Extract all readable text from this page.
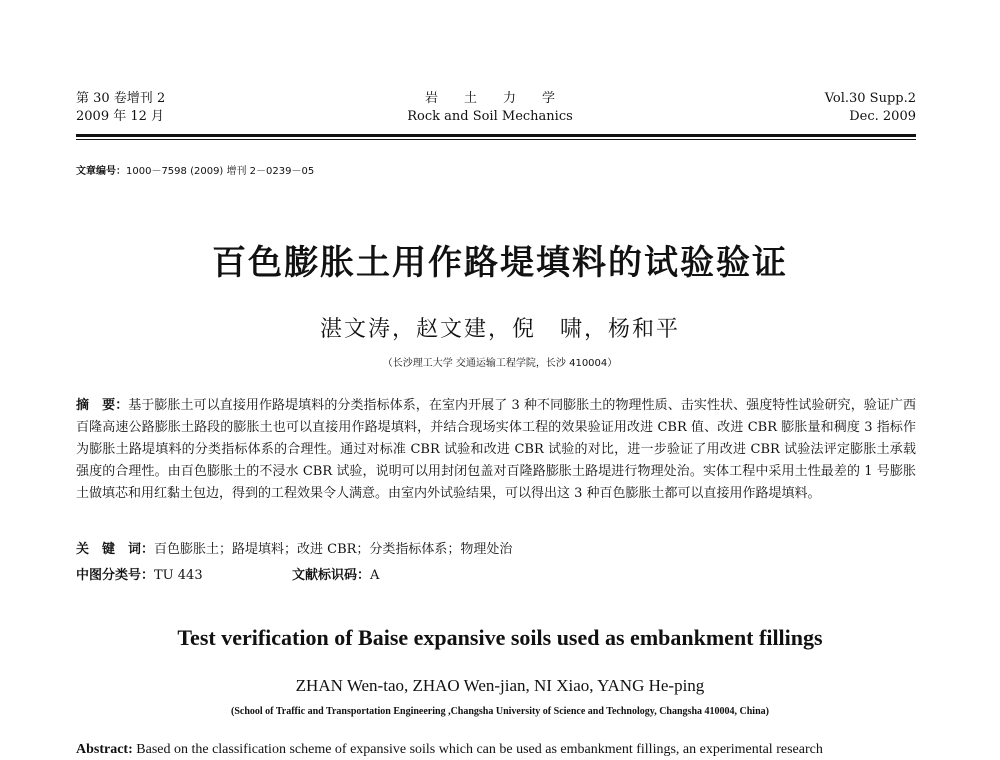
第 30 卷增刊 2
2009 年 12 月
岩土力学
Rock and Soil Mechanics
Vol.30 Supp.2
Dec. 2009
文章编号：1000－7598 (2009) 增刊 2－0239－05
百色膨胀土用作路堤填料的试验验证
湛文涛，赵文建，倪　啸，杨和平
（长沙理工大学 交通运输工程学院，长沙 410004）
摘　要：基于膨胀土可以直接用作路堤填料的分类指标体系，在室内开展了 3 种不同膨胀土的物理性质、击实性状、强度特性试验研究，验证广西百隆高速公路膨胀土路段的膨胀土也可以直接用作路堤填料，并结合现场实体工程的效果验证用改进 CBR 值、改进 CBR 膨胀量和稠度 3 指标作为膨胀土路堤填料的分类指标体系的合理性。通过对标准 CBR 试验和改进 CBR 试验的对比，进一步验证了用改进 CBR 试验法评定膨胀土承载强度的合理性。由百色膨胀土的不浸水 CBR 试验，说明可以用封闭包盖对百隆路膨胀土路堤进行物理处治。实体工程中采用土性最差的 1 号膨胀土做填芯和用红黏土包边，得到的工程效果令人满意。由室内外试验结果，可以得出这 3 种百色膨胀土都可以直接用作路堤填料。
关　键　词：百色膨胀土；路堤填料；改进 CBR；分类指标体系；物理处治
中图分类号：TU 443	文献标识码：A
Test verification of Baise expansive soils used as embankment fillings
ZHAN Wen-tao, ZHAO Wen-jian, NI Xiao, YANG He-ping
(School of Traffic and Transportation Engineering ,Changsha University of Science and Technology, Changsha 410004, China)
Abstract: Based on the classification scheme of expansive soils which can be used as embankment fillings, an experimental research
